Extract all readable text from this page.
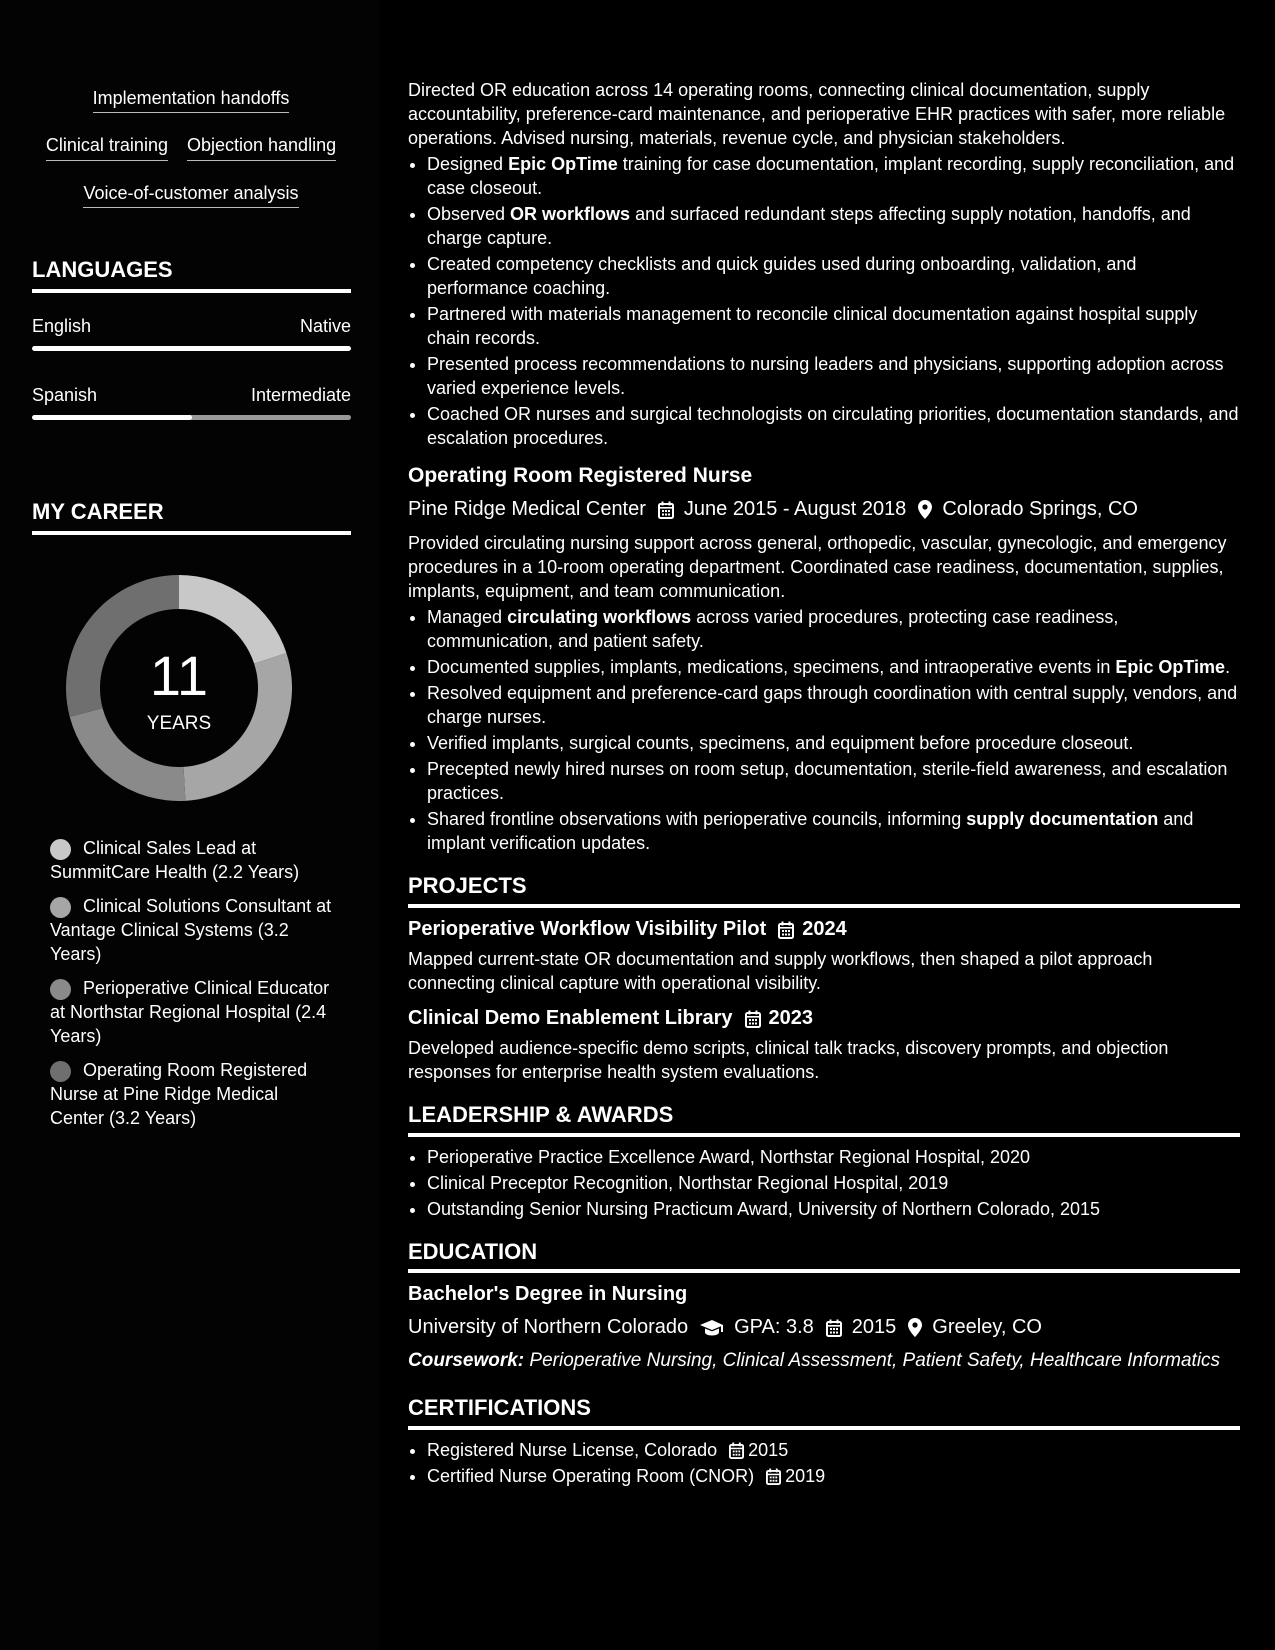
Implementation handoffs
Clinical training Objection handling
Voice-of-customer analysis
LANGUAGES
English	Native
Spanish	Intermediate
MY CAREER
11
YEARS
Clinical Sales Lead at SummitCare Health (2.2 Years)
Clinical Solutions Consultant at Vantage Clinical Systems (3.2 Years)
Perioperative Clinical Educator at Northstar Regional Hospital (2.4 Years)
Operating Room Registered Nurse at Pine Ridge Medical Center (3.2 Years)

Directed OR education across 14 operating rooms, connecting clinical documentation, supply accountability, preference-card maintenance, and perioperative EHR practices with safer, more reliable operations. Advised nursing, materials, revenue cycle, and physician stakeholders.

• Designed Epic OpTime training for case documentation, implant recording, supply reconciliation, and case closeout.
• Observed OR workflows and surfaced redundant steps affecting supply notation, handoffs, and charge capture.
• Created competency checklists and quick guides used during onboarding, validation, and performance coaching.
• Partnered with materials management to reconcile clinical documentation against hospital supply chain records.
• Presented process recommendations to nursing leaders and physicians, supporting adoption across varied experience levels.
• Coached OR nurses and surgical technologists on circulating priorities, documentation standards, and escalation procedures.
Operating Room Registered Nurse
Pine Ridge Medical Center June 2015 - August 2018 Colorado Springs, CO

Provided circulating nursing support across general, orthopedic, vascular, gynecologic, and emergency procedures in a 10-room operating department. Coordinated case readiness, documentation, supplies, implants, equipment, and team communication.

• Managed circulating workflows across varied procedures, protecting case readiness, communication, and patient safety.
• Documented supplies, implants, medications, specimens, and intraoperative events in Epic OpTime.
• Resolved equipment and preference-card gaps through coordination with central supply, vendors, and charge nurses.
• Verified implants, surgical counts, specimens, and equipment before procedure closeout.
• Precepted newly hired nurses on room setup, documentation, sterile-field awareness, and escalation practices.
• Shared frontline observations with perioperative councils, informing supply documentation and implant verification updates.
PROJECTS
Perioperative Workflow Visibility Pilot 2024

Mapped current-state OR documentation and supply workflows, then shaped a pilot approach connecting clinical capture with operational visibility.

Clinical Demo Enablement Library 2023

Developed audience-specific demo scripts, clinical talk tracks, discovery prompts, and objection responses for enterprise health system evaluations.

LEADERSHIP & AWARDS
• Perioperative Practice Excellence Award, Northstar Regional Hospital, 2020
• Clinical Preceptor Recognition, Northstar Regional Hospital, 2019
• Outstanding Senior Nursing Practicum Award, University of Northern Colorado, 2015
EDUCATION
Bachelor's Degree in Nursing
University of Northern Colorado GPA: 3.8 2015 Greeley, CO

Coursework: Perioperative Nursing, Clinical Assessment, Patient Safety, Healthcare Informatics

CERTIFICATIONS
• Registered Nurse License, Colorado 2015
• Certified Nurse Operating Room (CNOR) 2019
